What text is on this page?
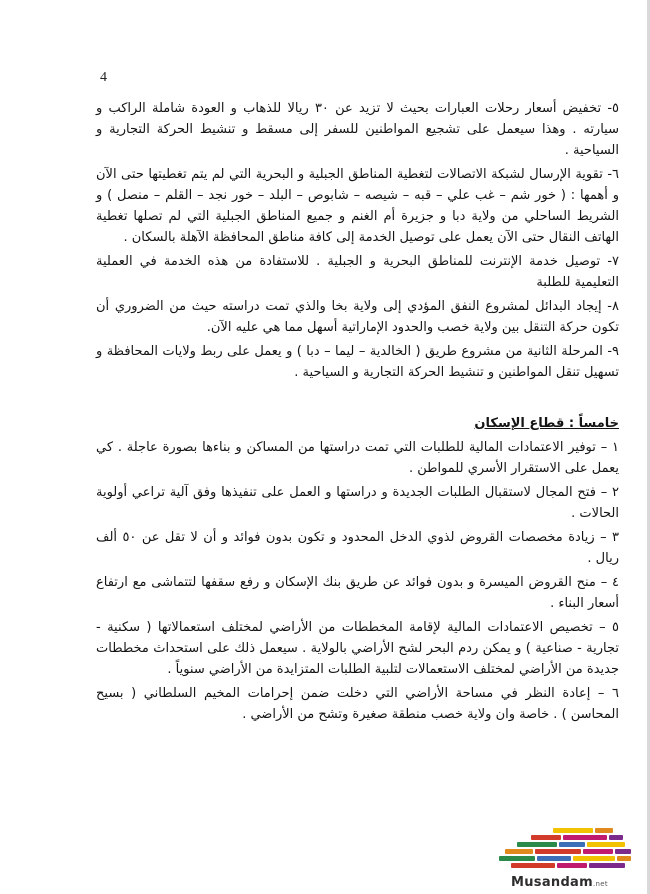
4

٥- تخفيض أسعار رحلات العبارات بحيث لا تزيد عن ٣٠ ريالا للذهاب و العودة شاملة الراكب و سيارته . وهذا سيعمل على تشجيع المواطنين للسفر إلى مسقط و تنشيط الحركة التجارية و السياحية .

٦- تقوية الإرسال لشبكة الاتصالات لتغطية المناطق الجبلية و البحرية التي لم يتم تغطيتها حتى الآن و أهمها : ( خور شم – غب علي – قبه – شيصه – شابوص – البلد – خور نجد – القلم – منصل ) و الشريط الساحلي من ولاية دبا و جزيرة أم الغنم و جميع المناطق الجبلية التي لم تصلها تغطية الهاتف النقال حتى الآن يعمل على توصيل الخدمة إلى كافة مناطق المحافظة الآهلة بالسكان .

٧- توصيل خدمة الإنترنت للمناطق البحرية و الجبلية . للاستفادة من هذه الخدمة في العملية التعليمية للطلبة

٨- إيجاد البدائل لمشروع النفق المؤدي إلى ولاية بخا والذي تمت دراسته حيث من الضروري أن تكون حركة التنقل بين ولاية خصب والحدود الإماراتية أسهل مما هي عليه الآن.

٩- المرحلة الثانية من مشروع طريق ( الخالدية – ليما – دبا ) و يعمل على ربط ولايات المحافظة و تسهيل تنقل المواطنين و تنشيط الحركة التجارية و السياحية .

خامساً : قطاع الإسكان

١ – توفير الاعتمادات المالية للطلبات التي تمت دراستها من المساكن و بناءها بصورة عاجلة . كي يعمل على الاستقرار الأسري للمواطن .

٢ – فتح المجال لاستقبال الطلبات الجديدة و دراستها و العمل على تنفيذها وفق آلية تراعي أولوية الحالات .

٣ – زيادة مخصصات القروض لذوي الدخل المحدود و تكون بدون فوائد و أن لا تقل عن ٥٠ ألف ريال .

٤ – منح القروض الميسرة و بدون فوائد عن طريق بنك الإسكان و رفع سقفها لتتماشى مع ارتفاع أسعار البناء .

٥ – تخصيص الاعتمادات المالية لإقامة المخططات من الأراضي لمختلف استعمالاتها ( سكنية - تجارية - صناعية ) و يمكن ردم البحر لشح الأراضي بالولاية . سيعمل ذلك على استحداث مخططات جديدة من الأراضي لمختلف الاستعمالات لتلبية الطلبات المتزايدة من الأراضي سنوياً .

٦ – إعادة النظر في مساحة الأراضي التي دخلت ضمن إحرامات المخيم السلطاني ( بسيح المحاسن ) . خاصة وان ولاية خصب منطقة صغيرة وتشح من الأراضي .

Musandam.net
